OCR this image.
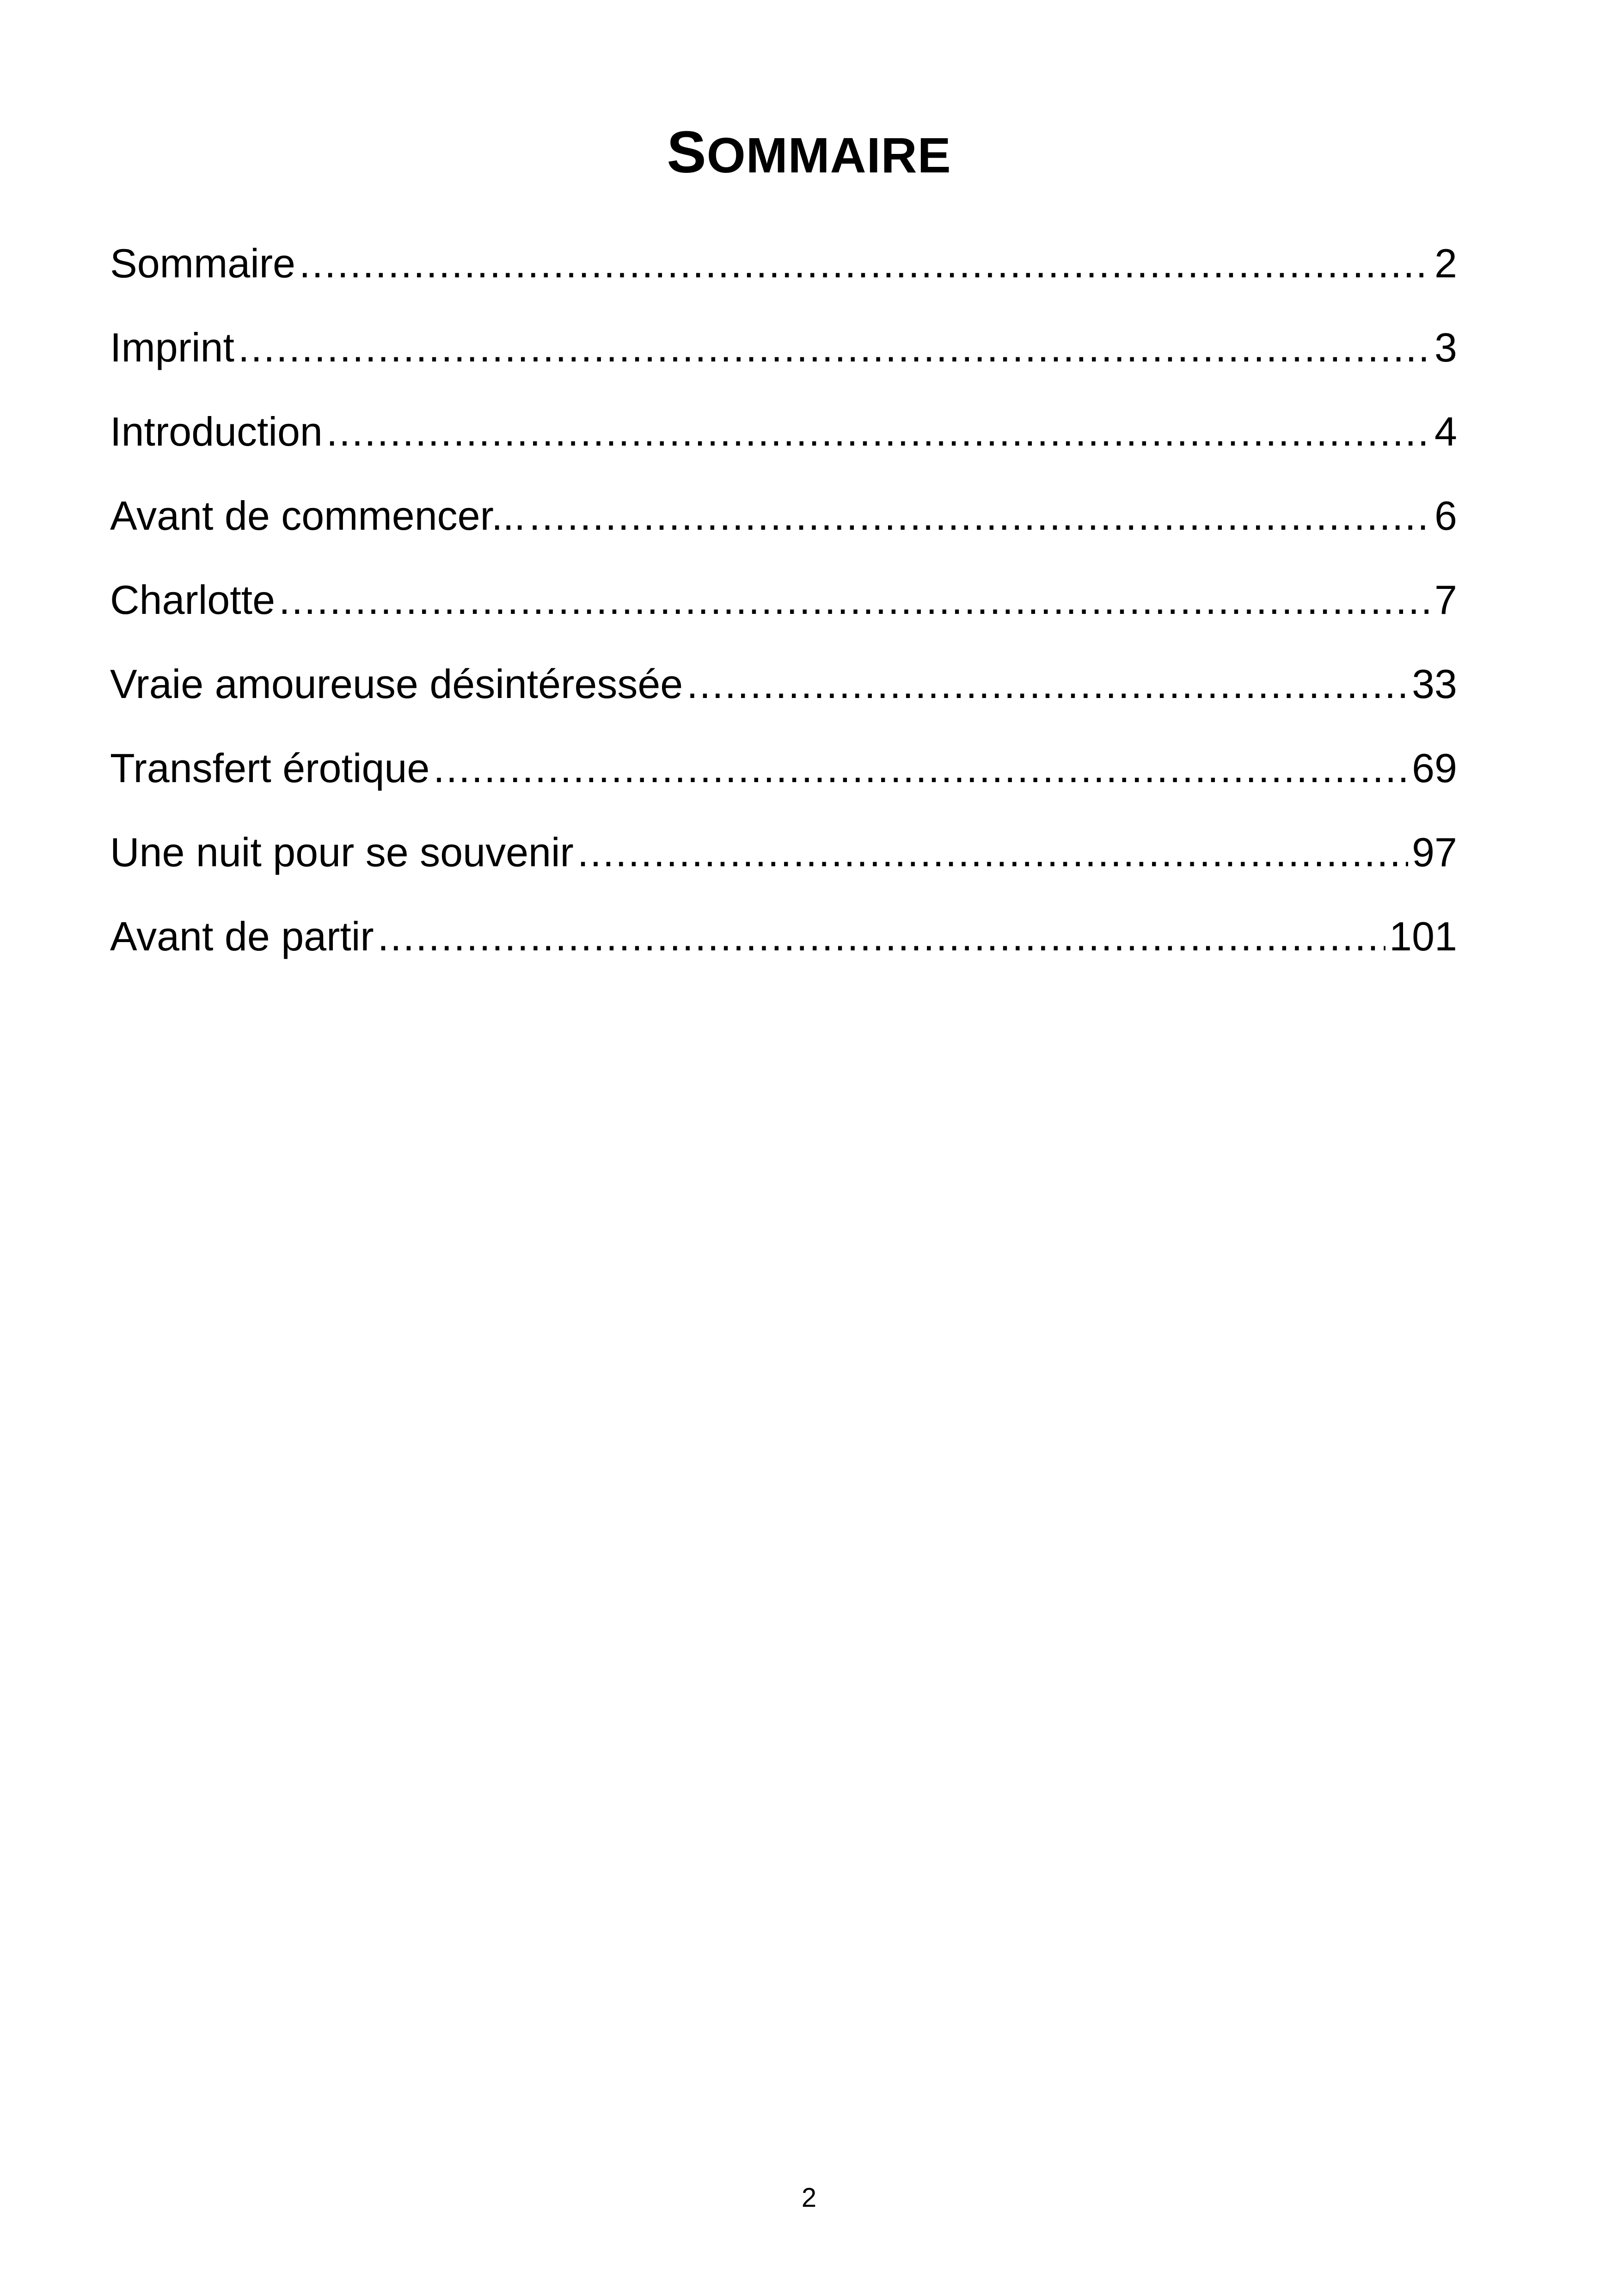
SOMMAIRE
Sommaire .....	2
Imprint .....	3
Introduction .....	4
Avant de commencer... .....	6
Charlotte .....	7
Vraie amoureuse désintéressée .....	33
Transfert érotique .....	69
Une nuit pour se souvenir .....	97
Avant de partir .....	101
2
